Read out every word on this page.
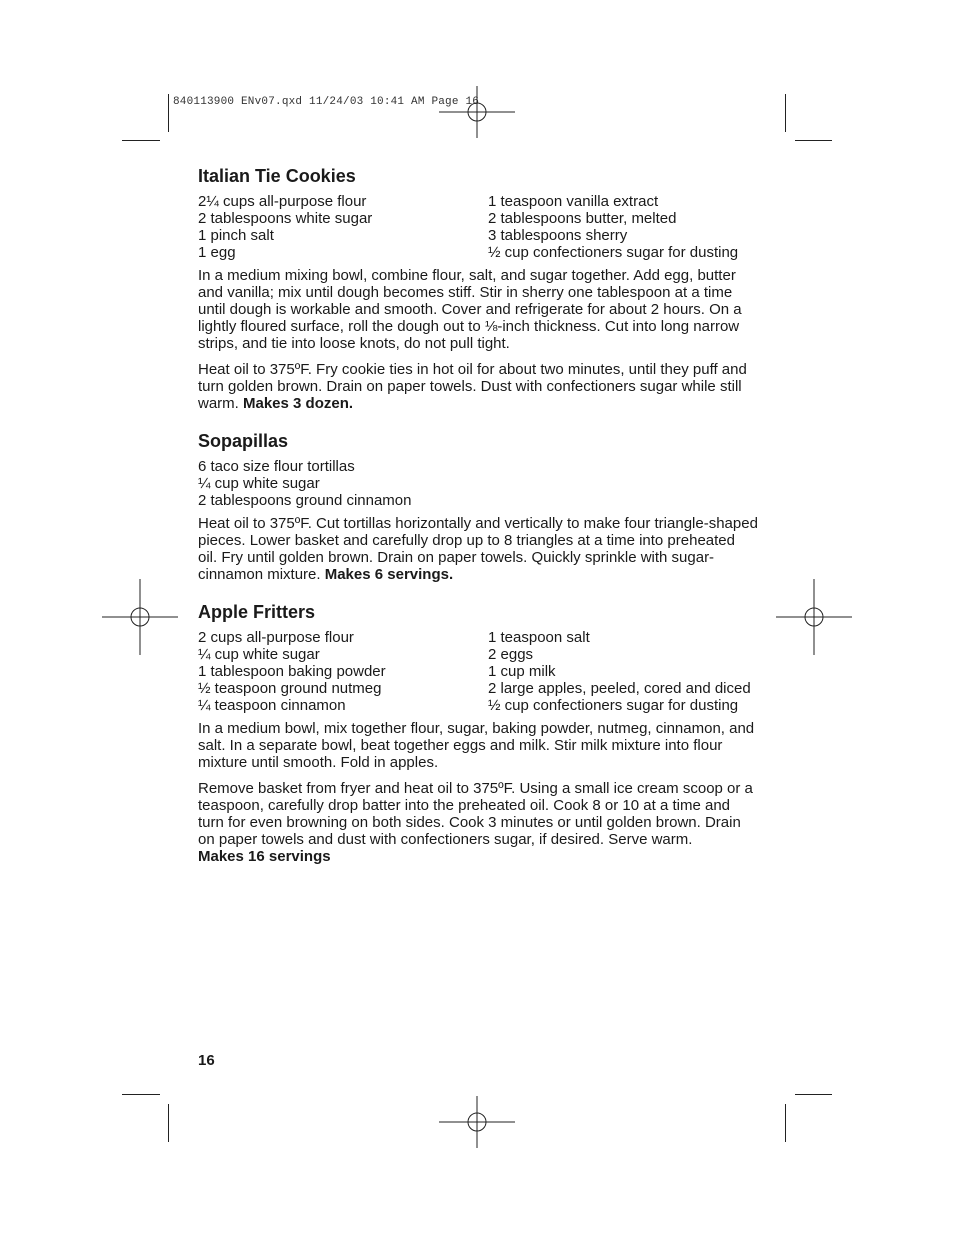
840113900 ENv07.qxd 11/24/03 10:41 AM Page 16
Italian Tie Cookies
2¼ cups all-purpose flour
2 tablespoons white sugar
1 pinch salt
1 egg
1 teaspoon vanilla extract
2 tablespoons butter, melted
3 tablespoons sherry
½ cup confectioners sugar for dusting

In a medium mixing bowl, combine flour, salt, and sugar together. Add egg, butter and vanilla; mix until dough becomes stiff. Stir in sherry one tablespoon at a time until dough is workable and smooth. Cover and refrigerate for about 2 hours. On a lightly floured surface, roll the dough out to ⅛-inch thickness. Cut into long narrow strips, and tie into loose knots, do not pull tight.

Heat oil to 375ºF. Fry cookie ties in hot oil for about two minutes, until they puff and turn golden brown. Drain on paper towels. Dust with confectioners sugar while still warm. Makes 3 dozen.

Sopapillas
6 taco size flour tortillas
¼ cup white sugar
2 tablespoons ground cinnamon

Heat oil to 375ºF. Cut tortillas horizontally and vertically to make four triangle-shaped pieces. Lower basket and carefully drop up to 8 triangles at a time into preheated oil. Fry until golden brown. Drain on paper towels. Quickly sprinkle with sugar-cinnamon mixture. Makes 6 servings.

Apple Fritters
2 cups all-purpose flour
¼ cup white sugar
1 tablespoon baking powder
½ teaspoon ground nutmeg
¼ teaspoon cinnamon
1 teaspoon salt
2 eggs
1 cup milk
2 large apples, peeled, cored and diced
½ cup confectioners sugar for dusting

In a medium bowl, mix together flour, sugar, baking powder, nutmeg, cinnamon, and salt. In a separate bowl, beat together eggs and milk. Stir milk mixture into flour mixture until smooth. Fold in apples.

Remove basket from fryer and heat oil to 375ºF. Using a small ice cream scoop or a teaspoon, carefully drop batter into the preheated oil. Cook 8 or 10 at a time and turn for even browning on both sides. Cook 3 minutes or until golden brown. Drain on paper towels and dust with confectioners sugar, if desired. Serve warm.
Makes 16 servings

16
